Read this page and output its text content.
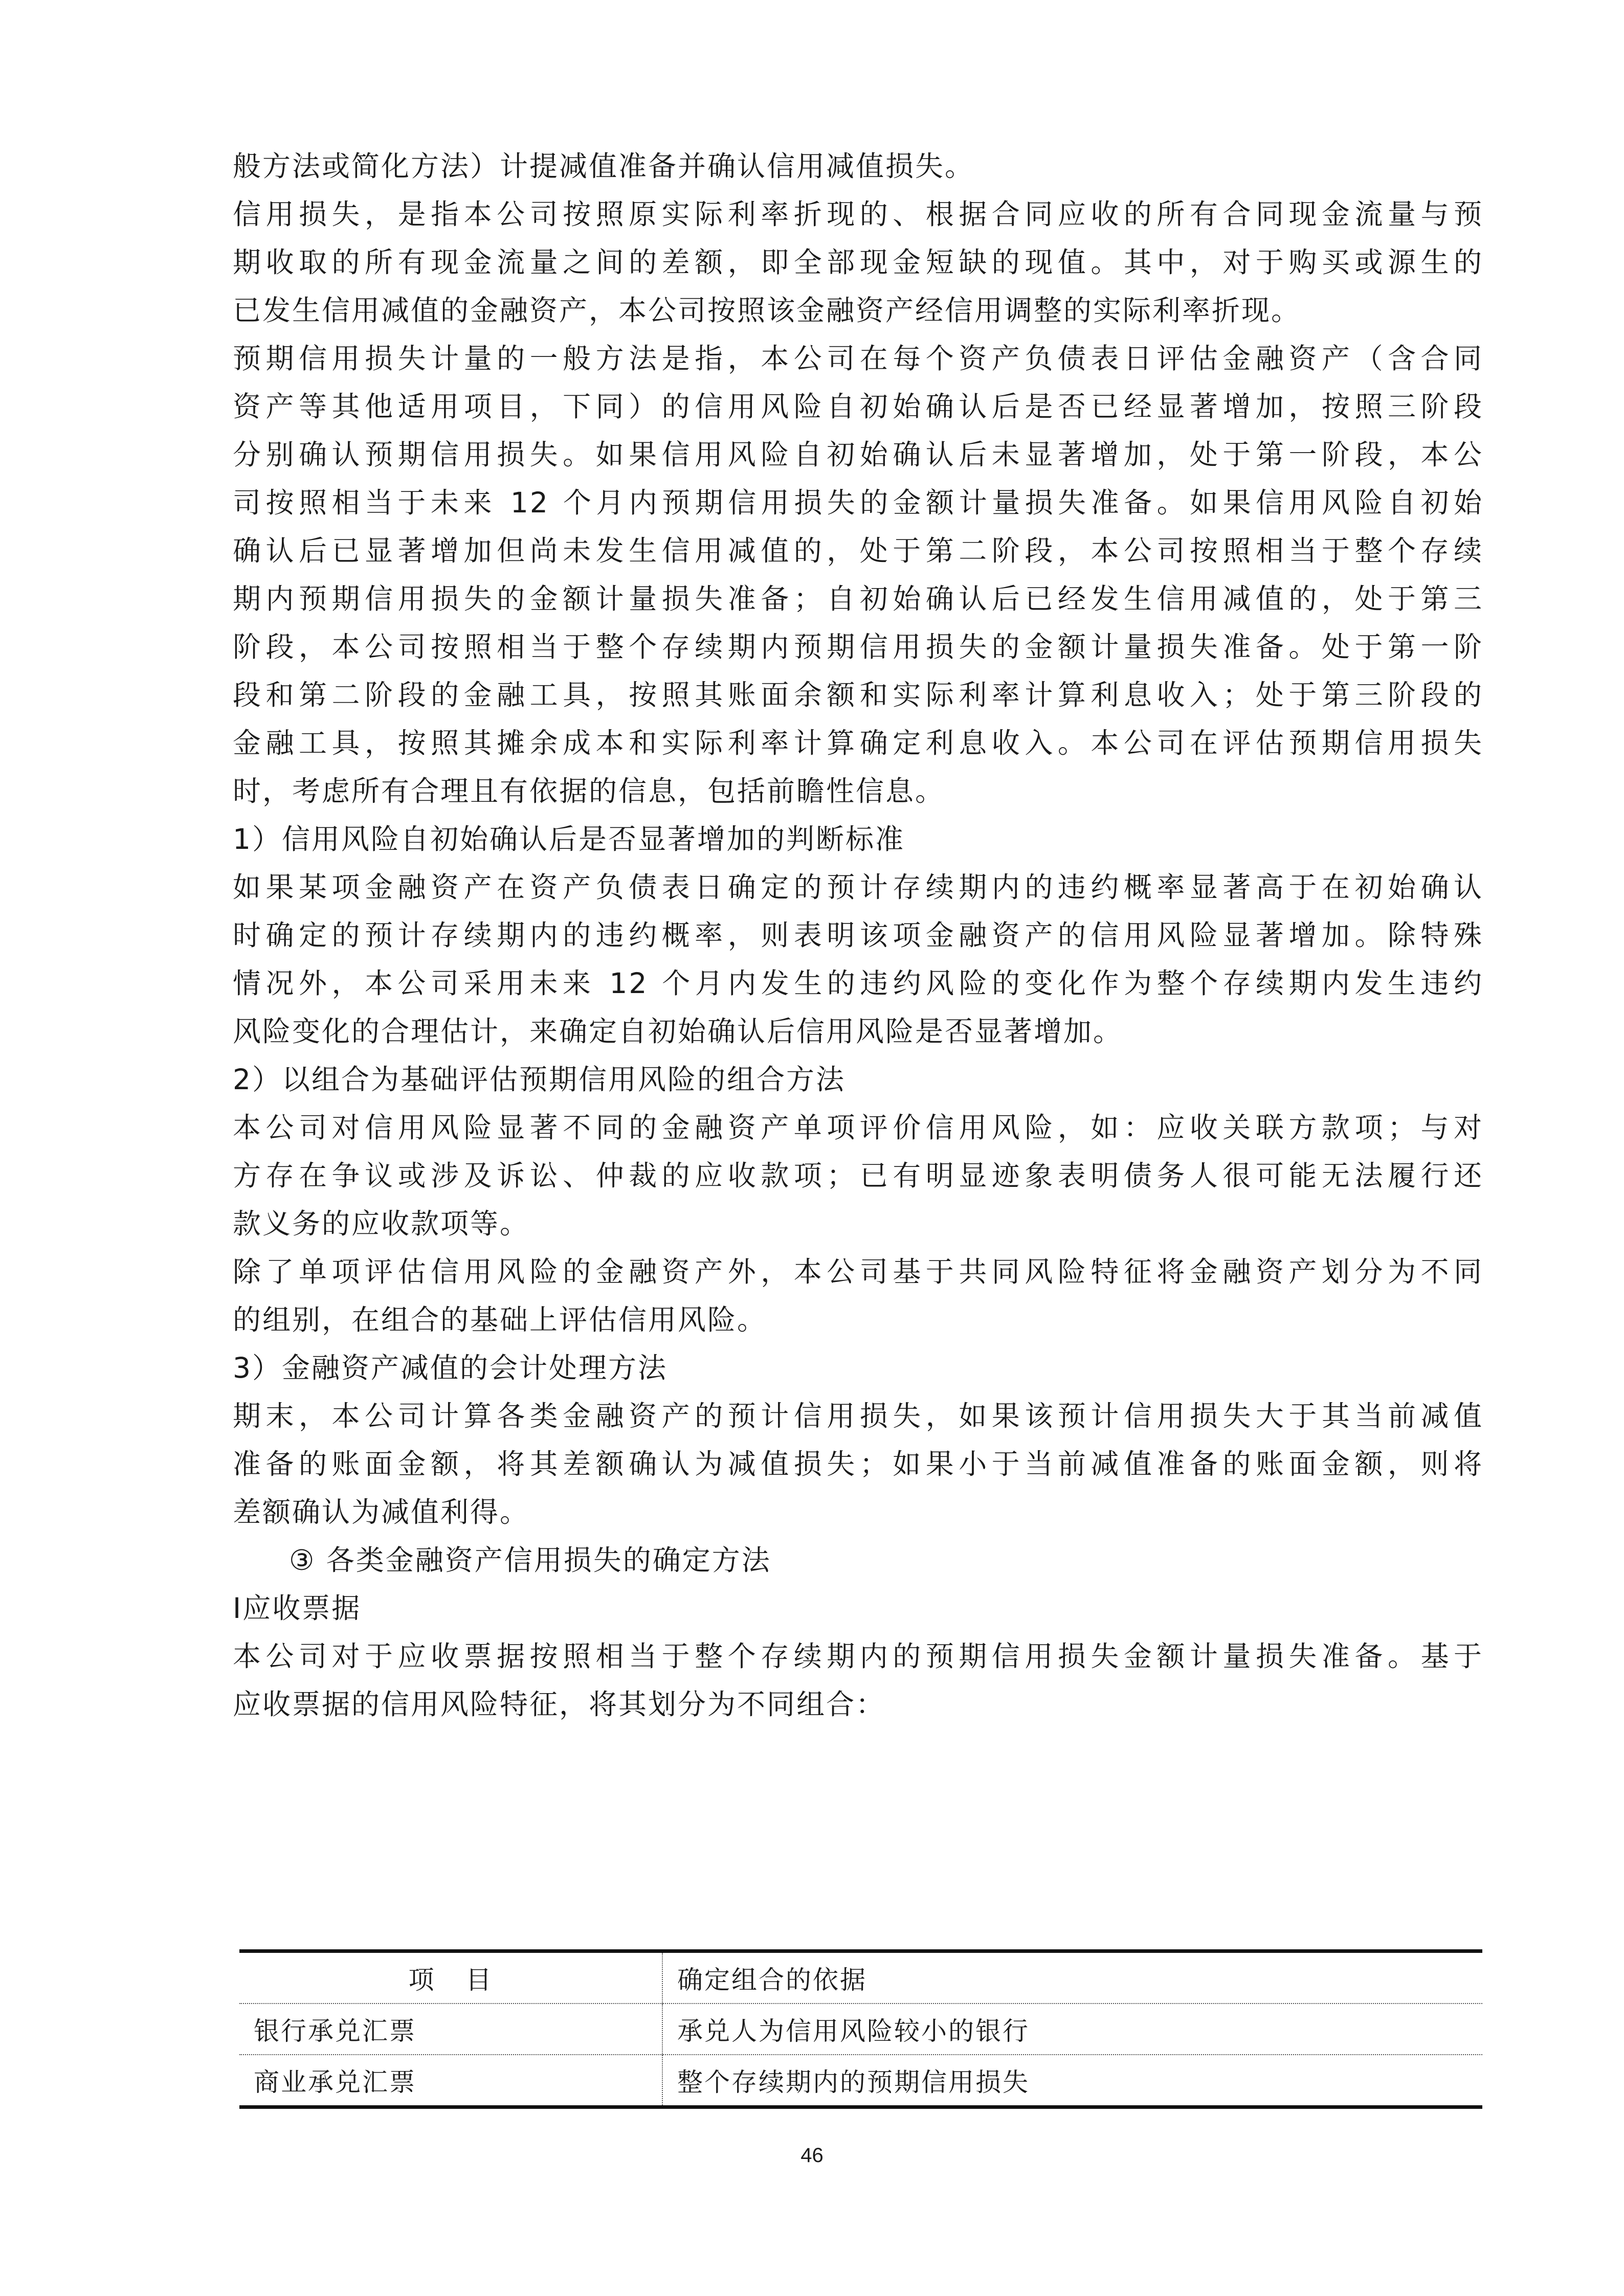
般方法或简化方法）计提减值准备并确认信用减值损失。
信用损失，是指本公司按照原实际利率折现的、根据合同应收的所有合同现金流量与预
期收取的所有现金流量之间的差额，即全部现金短缺的现值。其中，对于购买或源生的
已发生信用减值的金融资产，本公司按照该金融资产经信用调整的实际利率折现。
预期信用损失计量的一般方法是指，本公司在每个资产负债表日评估金融资产（含合同
资产等其他适用项目，下同）的信用风险自初始确认后是否已经显著增加，按照三阶段
分别确认预期信用损失。如果信用风险自初始确认后未显著增加，处于第一阶段，本公
司按照相当于未来 12 个月内预期信用损失的金额计量损失准备。如果信用风险自初始
确认后已显著增加但尚未发生信用减值的，处于第二阶段，本公司按照相当于整个存续
期内预期信用损失的金额计量损失准备；自初始确认后已经发生信用减值的，处于第三
阶段，本公司按照相当于整个存续期内预期信用损失的金额计量损失准备。处于第一阶
段和第二阶段的金融工具，按照其账面余额和实际利率计算利息收入；处于第三阶段的
金融工具，按照其摊余成本和实际利率计算确定利息收入。本公司在评估预期信用损失
时，考虑所有合理且有依据的信息，包括前瞻性信息。
1）信用风险自初始确认后是否显著增加的判断标准
如果某项金融资产在资产负债表日确定的预计存续期内的违约概率显著高于在初始确认
时确定的预计存续期内的违约概率，则表明该项金融资产的信用风险显著增加。除特殊
情况外，本公司采用未来 12 个月内发生的违约风险的变化作为整个存续期内发生违约
风险变化的合理估计，来确定自初始确认后信用风险是否显著增加。
2）以组合为基础评估预期信用风险的组合方法
本公司对信用风险显著不同的金融资产单项评价信用风险，如：应收关联方款项；与对
方存在争议或涉及诉讼、仲裁的应收款项；已有明显迹象表明债务人很可能无法履行还
款义务的应收款项等。
除了单项评估信用风险的金融资产外，本公司基于共同风险特征将金融资产划分为不同
的组别，在组合的基础上评估信用风险。
3）金融资产减值的会计处理方法
期末，本公司计算各类金融资产的预计信用损失，如果该预计信用损失大于其当前减值
准备的账面金额，将其差额确认为减值损失；如果小于当前减值准备的账面金额，则将
差额确认为减值利得。
③ 各类金融资产信用损失的确定方法
Ⅰ应收票据
本公司对于应收票据按照相当于整个存续期内的预期信用损失金额计量损失准备。基于
应收票据的信用风险特征，将其划分为不同组合：
项 目	确定组合的依据
银行承兑汇票	承兑人为信用风险较小的银行
商业承兑汇票	整个存续期内的预期信用损失
46
